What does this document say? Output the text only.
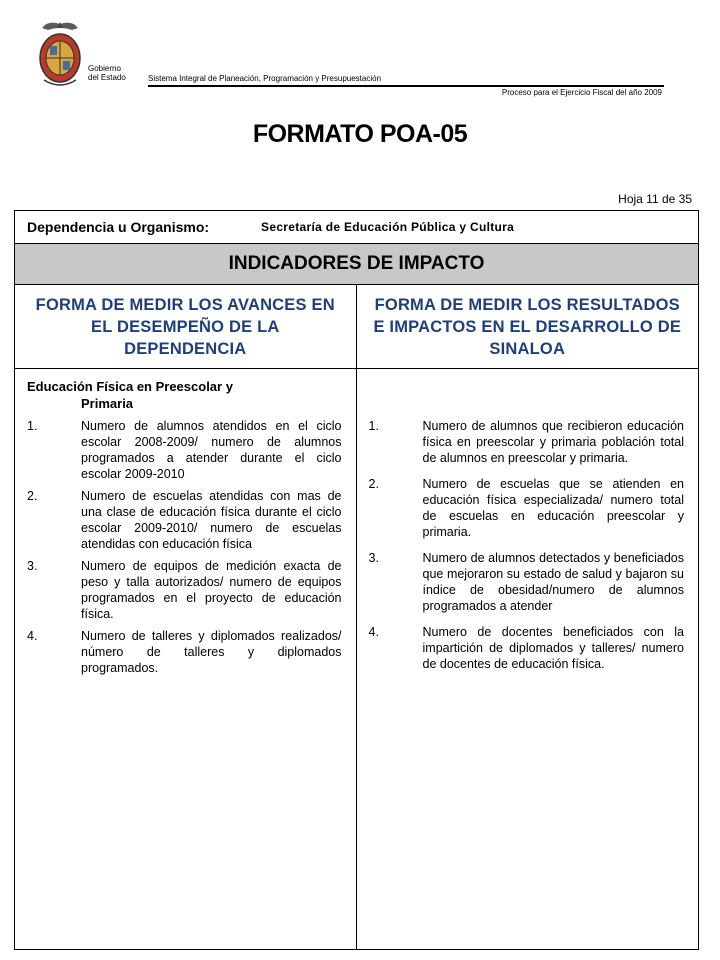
Gobierno
del Estado	Sistema Integral de Planeación, Programación y Presupuestación
Proceso para el Ejercicio Fiscal del año 2009
FORMATO POA-05
Hoja 11 de 35
Dependencia u Organismo:	Secretaría de Educación Pública y Cultura
INDICADORES DE IMPACTO
FORMA DE MEDIR LOS AVANCES EN EL DESEMPEÑO DE LA DEPENDENCIA
FORMA DE MEDIR LOS RESULTADOS E IMPACTOS EN EL DESARROLLO DE SINALOA
Educación Física en Preescolar y
Primaria
1.	Numero de alumnos atendidos en el ciclo escolar 2008-2009/ numero de alumnos programados a atender durante el ciclo escolar 2009-2010
2.	Numero de escuelas atendidas con mas de una clase de educación física durante el ciclo escolar 2009-2010/ numero de escuelas atendidas con educación física
3.	Numero de equipos de medición exacta de peso y talla autorizados/ numero de equipos programados en el proyecto de educación física.
4.	Numero de talleres y diplomados realizados/ número de talleres y diplomados programados.
1.	Numero de alumnos que recibieron educación física en preescolar y primaria población total de alumnos en preescolar y primaria.
2.	Numero de escuelas que se atienden en educación física especializada/ numero total de escuelas en educación preescolar y primaria.
3.	Numero de alumnos detectados y beneficiados que mejoraron su estado de salud y bajaron su índice de obesidad/numero de alumnos programados a atender
4.	Numero de docentes beneficiados con la impartición de diplomados y talleres/ numero de docentes de educación física.
